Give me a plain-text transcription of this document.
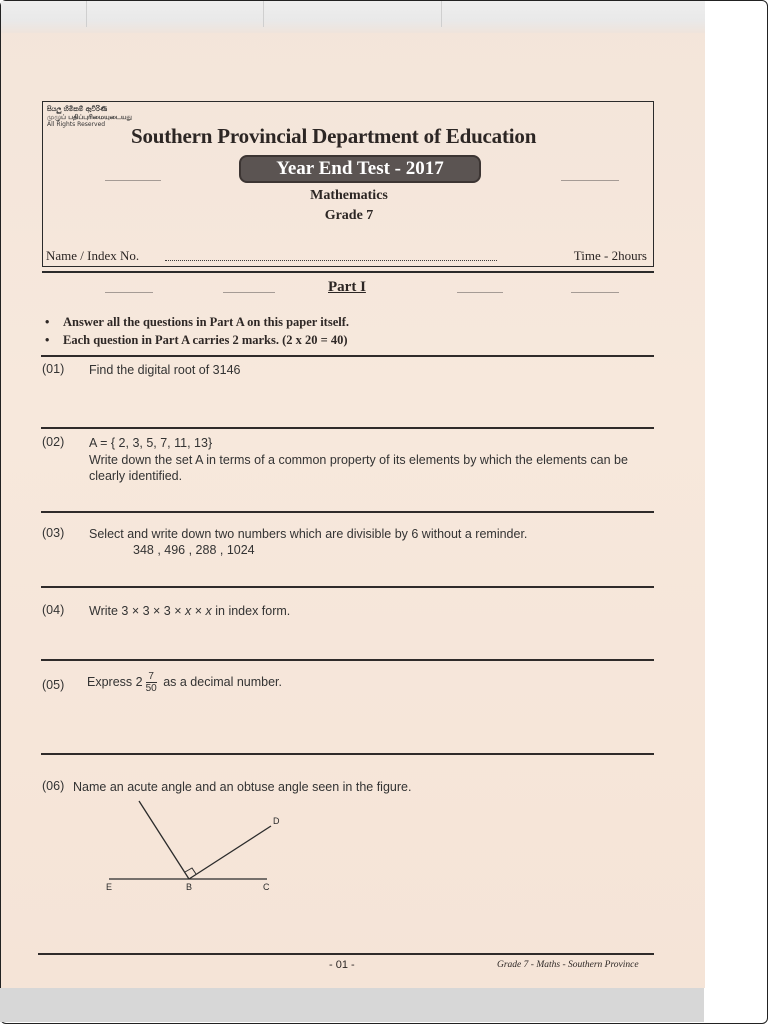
සියලු හිමිකම් ඇවිරිණි
முழுப் பதிப்புரிமையுடையது
All Rights Reserved	Southern Provincial Department of Education
Year End Test - 2017
Mathematics
Grade 7
Name / Index No.	Time - 2hours
Part I
• Answer all the questions in Part A on this paper itself.
• Each question in Part A carries 2 marks. (2 x 20 = 40)
(01) Find the digital root of 3146
(02) A = { 2, 3, 5, 7, 11, 13}
Write down the set A in terms of a common property of its elements by which the elements can be
clearly identified.
(03) Select and write down two numbers which are divisible by 6 without a reminder.
348 , 496 , 288 , 1024
(04) Write 3 × 3 × 3 × x × x in index form.
(05) Express $2 \frac{7}{50}$ as a decimal number.
(06) Name an acute angle and an obtuse angle seen in the figure.
E	B	C
D
- 01 -	Grade 7 - Maths - Southern Province
